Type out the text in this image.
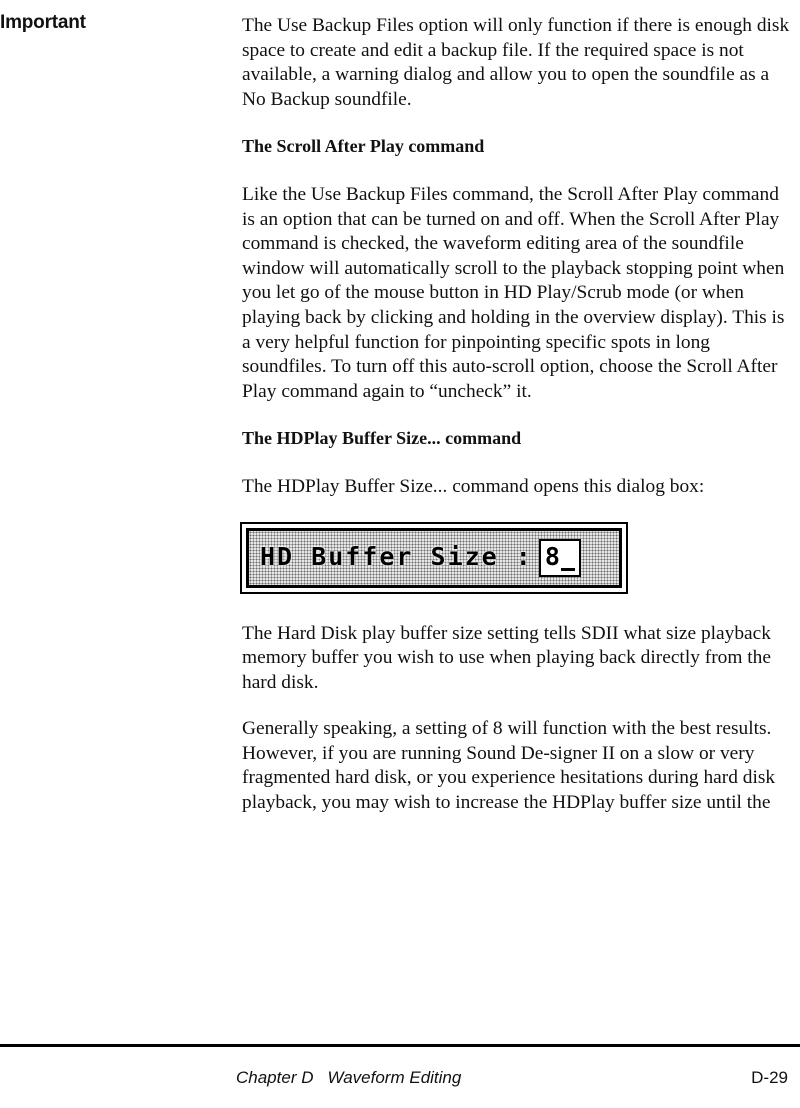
Important	The Use Backup Files option will only function if there is enough disk space to create and edit a backup file. If the required space is not available, a warning dialog and allow you to open the soundfile as a No Backup soundfile.

The Scroll After Play command

Like the Use Backup Files command, the Scroll After Play command is an option that can be turned on and off. When the Scroll After Play command is checked, the waveform editing area of the soundfile window will automatically scroll to the playback stopping point when you let go of the mouse button in HD Play/Scrub mode (or when playing back by clicking and holding in the overview display). This is a very helpful function for pinpointing specific spots in long soundfiles. To turn off this auto-scroll option, choose the Scroll After Play command again to “uncheck” it.

The HDPlay Buffer Size... command

The HDPlay Buffer Size... command opens this dialog box:

HD Buffer Size : 8

The Hard Disk play buffer size setting tells SDII what size playback memory buffer you wish to use when playing back directly from the hard disk.

Generally speaking, a setting of 8 will function with the best results. However, if you are running Sound De-signer II on a slow or very fragmented hard disk, or you experience hesitations during hard disk playback, you may wish to increase the HDPlay buffer size until the

Chapter D Waveform Editing	D-29
